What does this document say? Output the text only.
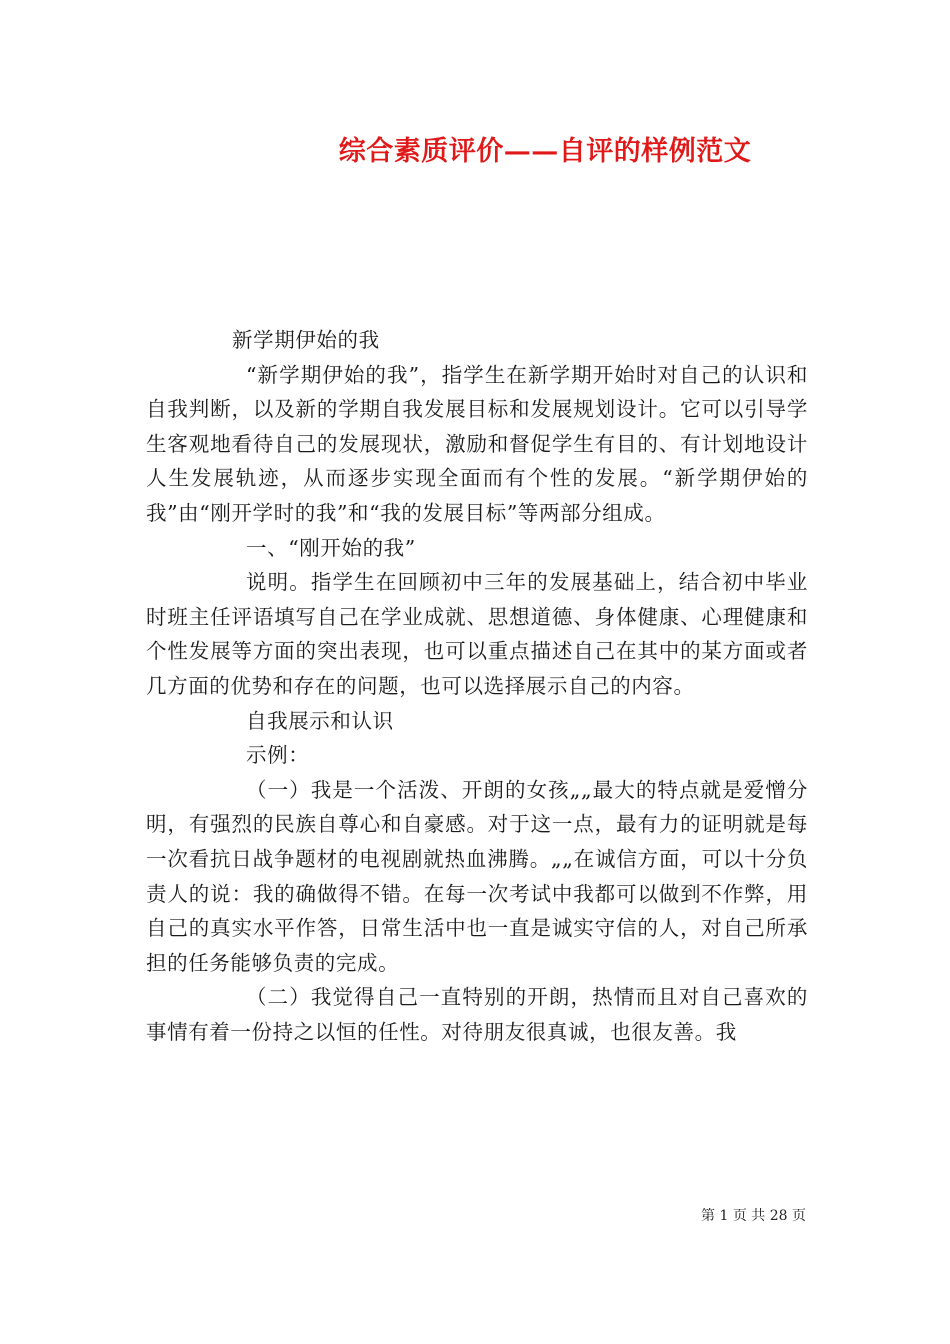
综合素质评价——自评的样例范文

新学期伊始的我

“新学期伊始的我”，指学生在新学期开始时对自己的认识和自我判断，以及新的学期自我发展目标和发展规划设计。它可以引导学生客观地看待自己的发展现状，激励和督促学生有目的、有计划地设计人生发展轨迹，从而逐步实现全面而有个性的发展。“新学期伊始的我”由“刚开学时的我”和“我的发展目标”等两部分组成。

一、“刚开始的我”

说明。指学生在回顾初中三年的发展基础上，结合初中毕业时班主任评语填写自己在学业成就、思想道德、身体健康、心理健康和个性发展等方面的突出表现，也可以重点描述自己在其中的某方面或者几方面的优势和存在的问题，也可以选择展示自己的内容。

自我展示和认识

示例：

（一）我是一个活泼、开朗的女孩„„最大的特点就是爱憎分明，有强烈的民族自尊心和自豪感。对于这一点，最有力的证明就是每一次看抗日战争题材的电视剧就热血沸腾。„„在诚信方面，可以十分负责人的说：我的确做得不错。在每一次考试中我都可以做到不作弊，用自己的真实水平作答，日常生活中也一直是诚实守信的人，对自己所承担的任务能够负责的完成。

（二）我觉得自己一直特别的开朗，热情而且对自己喜欢的事情有着一份持之以恒的任性。对待朋友很真诚，也很友善。我

第 1 页 共 28 页
